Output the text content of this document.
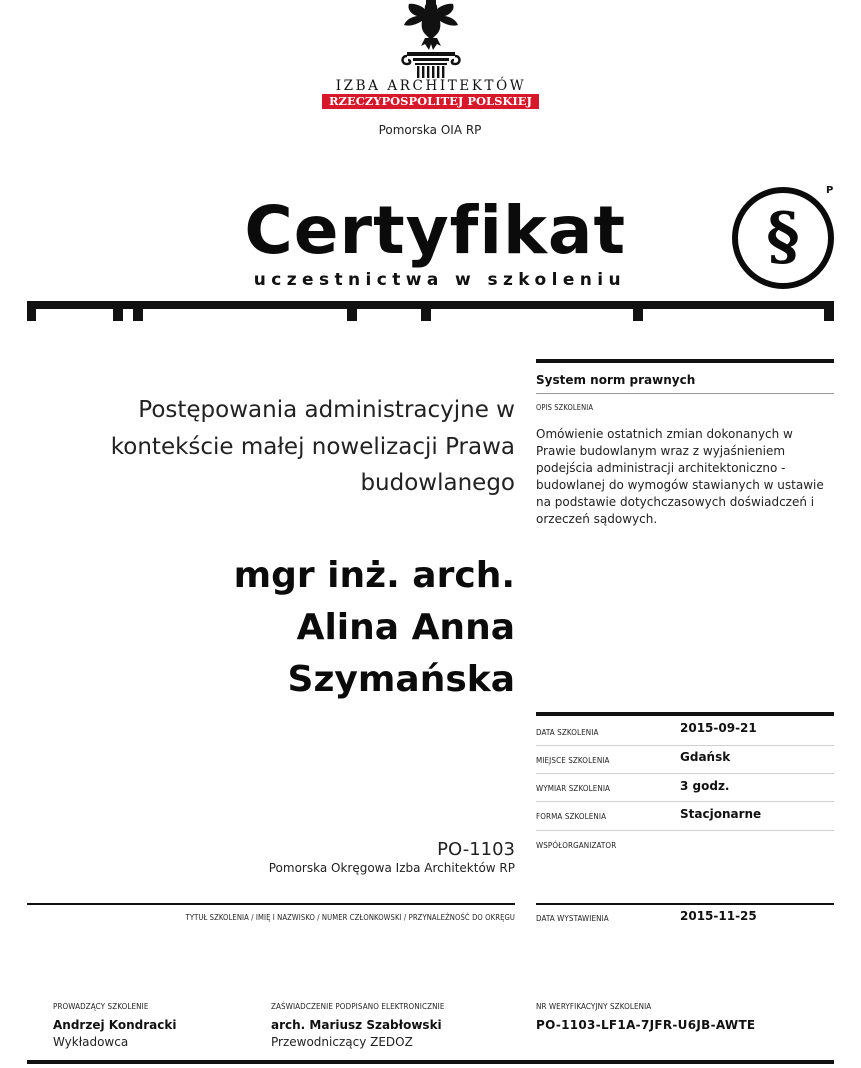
IZBA ARCHITEKTÓW
RZECZYPOSPOLITEJ POLSKIEJ
Pomorska OIA RP
Certyfikat
uczestnictwa w szkoleniu
§
P
Postępowania administracyjne w
kontekście małej nowelizacji Prawa
budowlanego
mgr inż. arch.
Alina Anna
Szymańska
PO-1103
Pomorska Okręgowa Izba Architektów RP
TYTUŁ SZKOLENIA / IMIĘ I NAZWISKO / NUMER CZŁONKOWSKI / PRZYNALEŻNOŚĆ DO OKRĘGU
System norm prawnych
OPIS SZKOLENIA
Omówienie ostatnich zmian dokonanych w
Prawie budowlanym wraz z wyjaśnieniem
podejścia administracji architektoniczno -
budowlanej do wymogów stawianych w ustawie
na podstawie dotychczasowych doświadczeń i
orzeczeń sądowych.
DATA SZKOLENIA	2015-09-21
MIEJSCE SZKOLENIA	Gdańsk
WYMIAR SZKOLENIA	3 godz.
FORMA SZKOLENIA	Stacjonarne
WSPÓŁORGANIZATOR
DATA WYSTAWIENIA	2015-11-25
PROWADZĄCY SZKOLENIE
Andrzej Kondracki
Wykładowca
ZAŚWIADCZENIE PODPISANO ELEKTRONICZNIE
arch. Mariusz Szabłowski
Przewodniczący ZEDOZ
NR WERYFIKACYJNY SZKOLENIA
PO-1103-LF1A-7JFR-U6JB-AWTE
